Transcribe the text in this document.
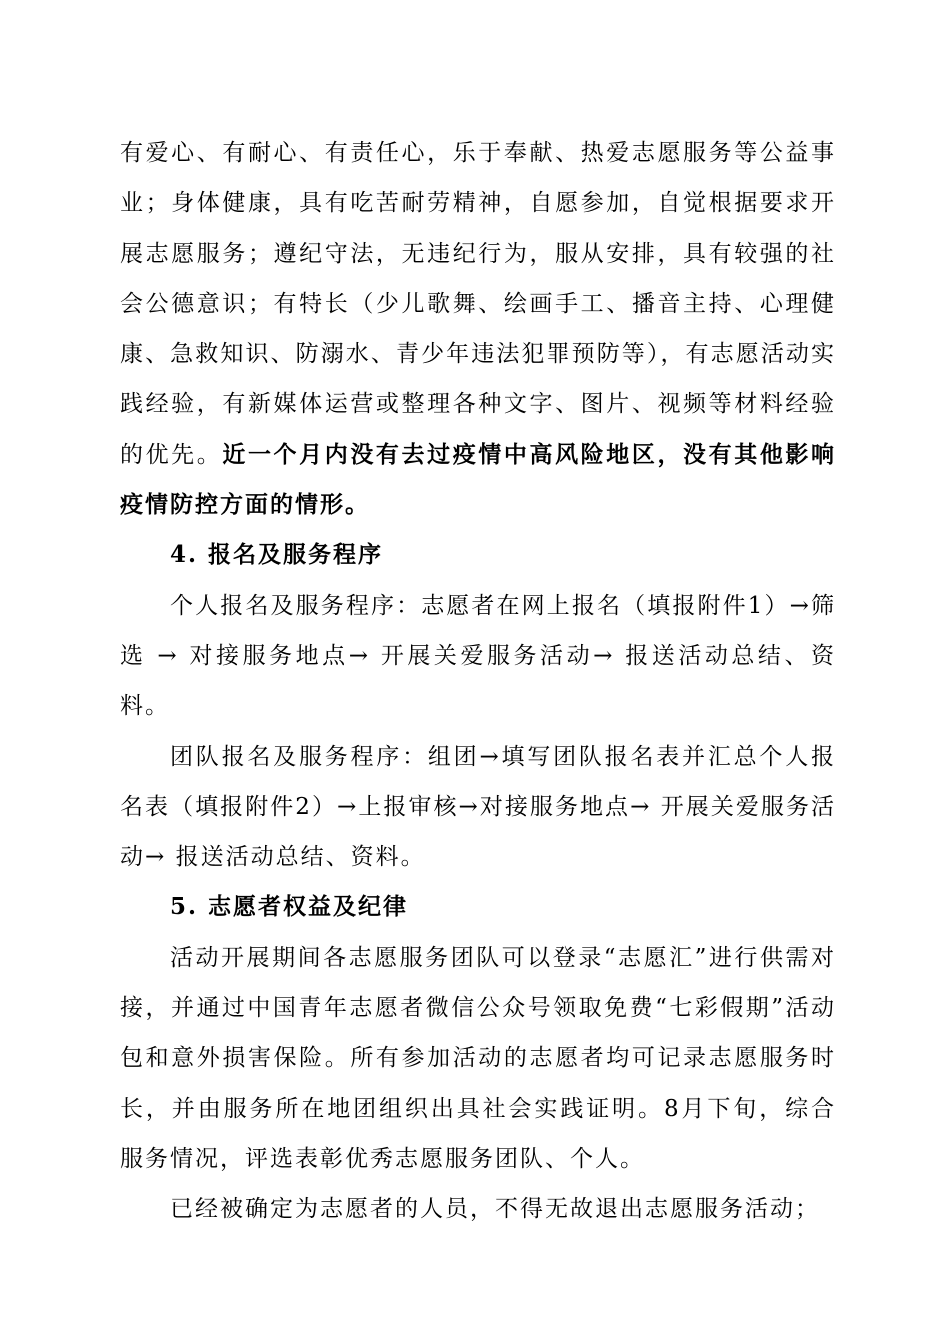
有爱心、有耐心、有责任心，乐于奉献、热爱志愿服务等公益事业；身体健康，具有吃苦耐劳精神，自愿参加，自觉根据要求开展志愿服务；遵纪守法，无违纪行为，服从安排，具有较强的社会公德意识；有特长（少儿歌舞、绘画手工、播音主持、心理健康、急救知识、防溺水、青少年违法犯罪预防等），有志愿活动实践经验，有新媒体运营或整理各种文字、图片、视频等材料经验的优先。近一个月内没有去过疫情中高风险地区，没有其他影响疫情防控方面的情形。

4. 报名及服务程序

个人报名及服务程序：志愿者在网上报名（填报附件1）→筛选 → 对接服务地点→ 开展关爱服务活动→ 报送活动总结、资料。

团队报名及服务程序：组团→填写团队报名表并汇总个人报名表（填报附件2）→上报审核→对接服务地点→ 开展关爱服务活动→ 报送活动总结、资料。

5. 志愿者权益及纪律

活动开展期间各志愿服务团队可以登录“志愿汇”进行供需对接，并通过中国青年志愿者微信公众号领取免费“七彩假期”活动包和意外损害保险。所有参加活动的志愿者均可记录志愿服务时长，并由服务所在地团组织出具社会实践证明。8月下旬，综合服务情况，评选表彰优秀志愿服务团队、个人。

已经被确定为志愿者的人员，不得无故退出志愿服务活动；
